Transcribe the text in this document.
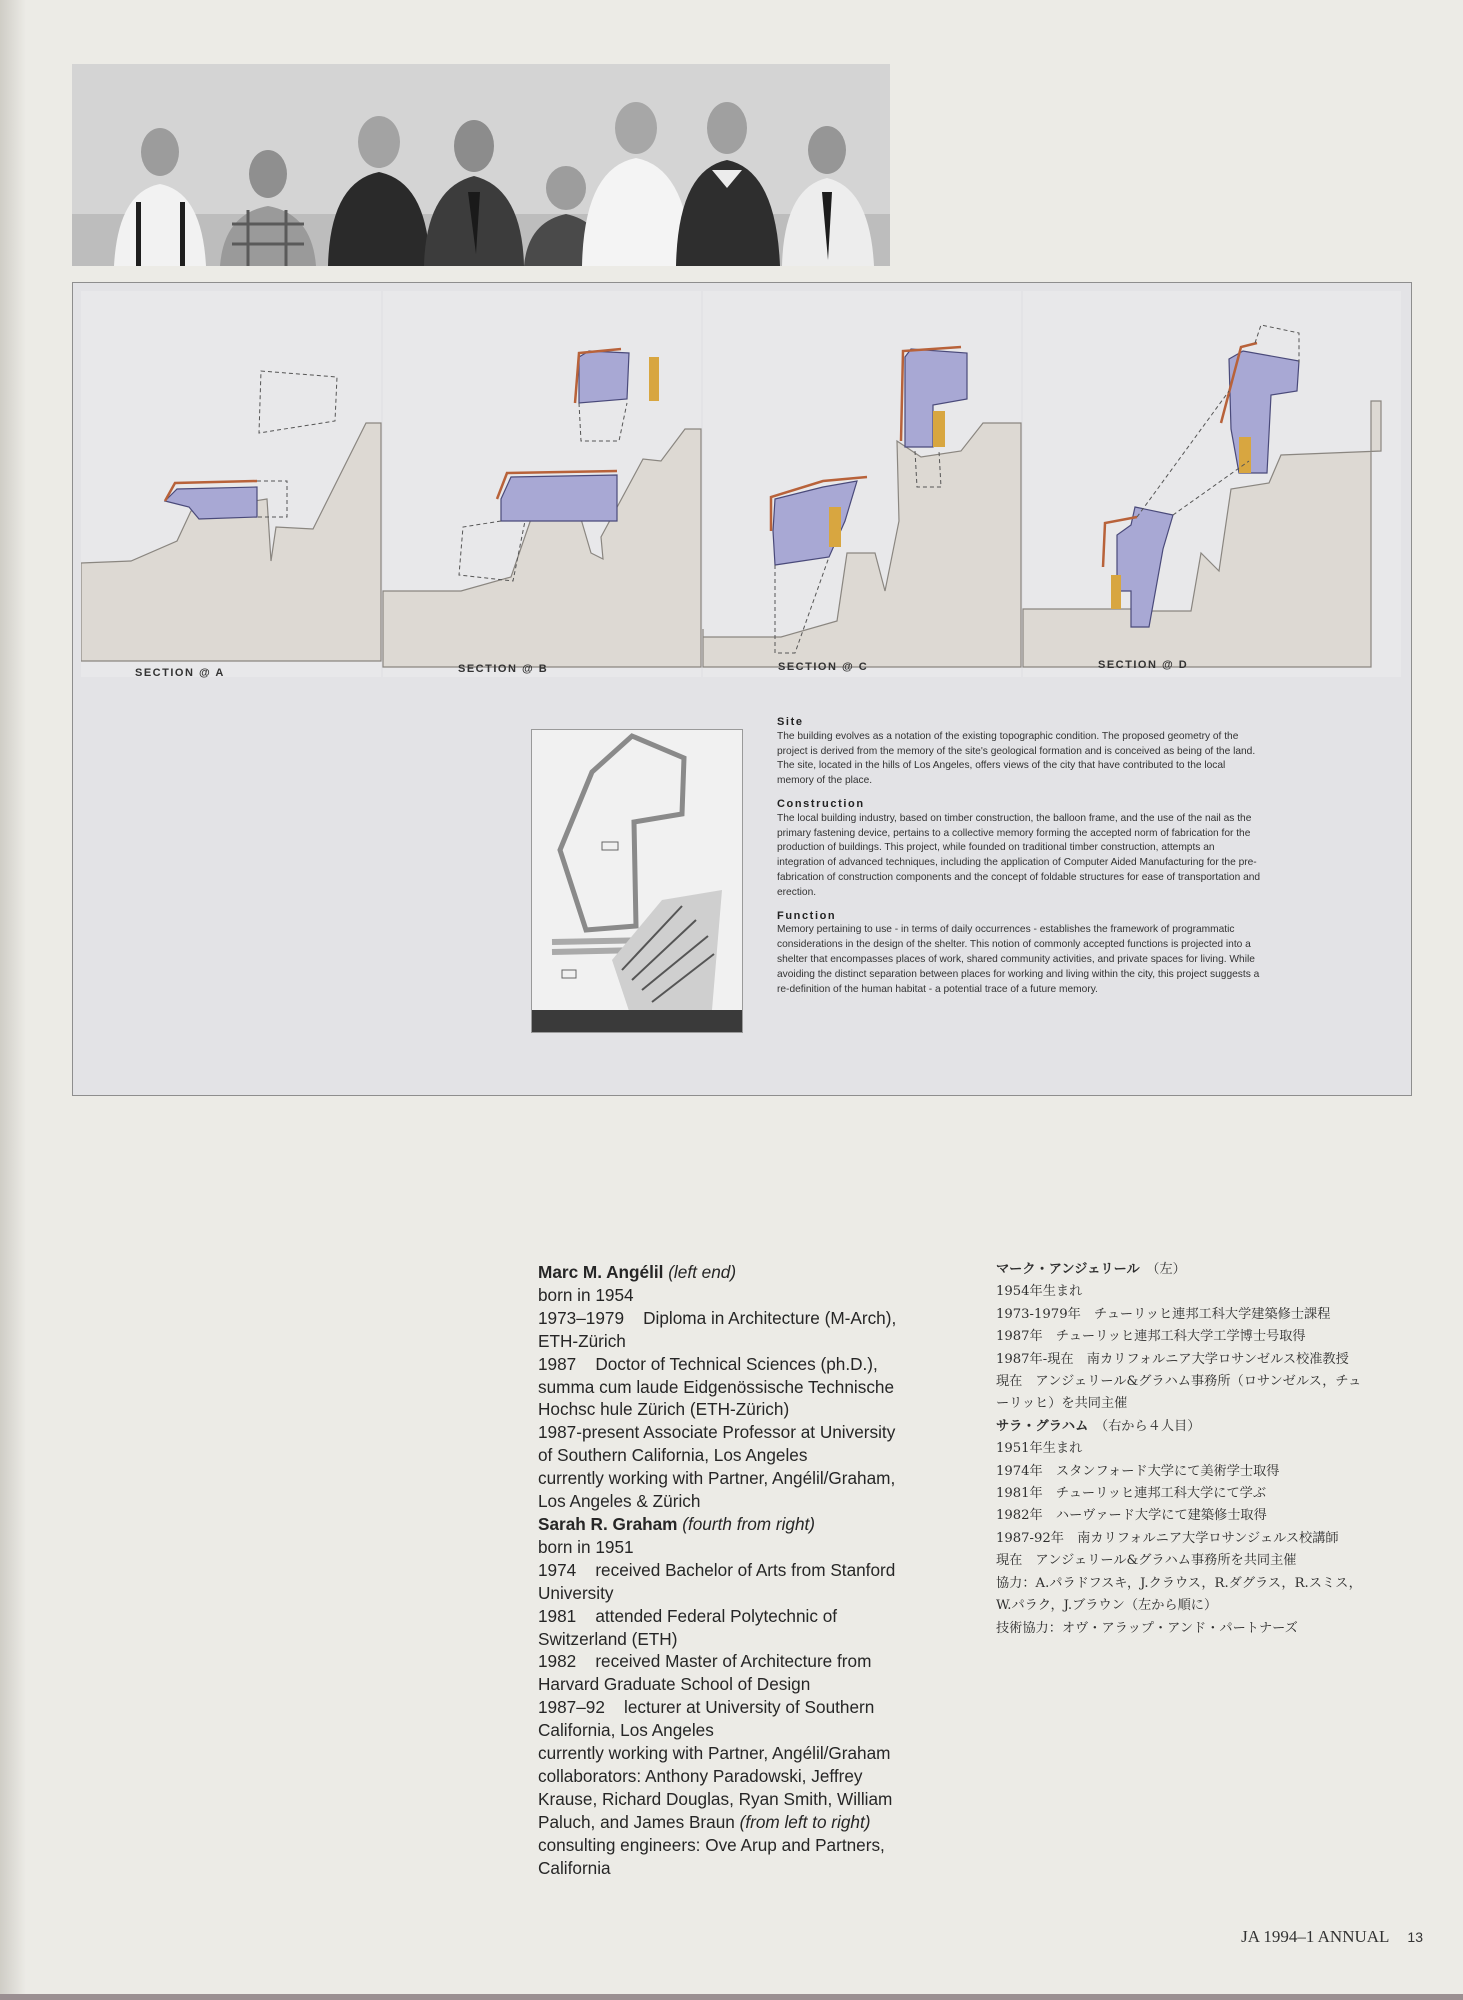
SECTION @ A	SECTION @ B	SECTION @ C	SECTION @ D
Site

The building evolves as a notation of the existing topographic condition. The proposed geometry of the project is derived from the memory of the site's geological formation and is conceived as being of the land.
The site, located in the hills of Los Angeles, offers views of the city that have contributed to the local memory of the place.

Construction

The local building industry, based on timber construction, the balloon frame, and the use of the nail as the primary fastening device, pertains to a collective memory forming the accepted norm of fabrication for the production of buildings. This project, while founded on traditional timber construction, attempts an integration of advanced techniques, including the application of Computer Aided Manufacturing for the pre-fabrication of construction components and the concept of foldable structures for ease of transportation and erection.

Function

Memory pertaining to use - in terms of daily occurrences - establishes the framework of programmatic considerations in the design of the shelter. This notion of commonly accepted functions is projected into a shelter that encompasses places of work, shared community activities, and private spaces for living. While avoiding the distinct separation between places for working and living within the city, this project suggests a re-definition of the human habitat - a potential trace of a future memory.

Marc M. Angélil (left end)
born in 1954
1973–1979    Diploma in Architecture (M-Arch),
ETH-Zürich
1987    Doctor of Technical Sciences (ph.D.),
summa cum laude Eidgenössische Technische
Hochsc hule Zürich (ETH-Zürich)
1987-present Associate Professor at University
of Southern California, Los Angeles
currently working with Partner, Angélil/Graham,
Los Angeles & Zürich
Sarah R. Graham (fourth from right)
born in 1951
1974    received Bachelor of Arts from Stanford
University
1981    attended Federal Polytechnic of
Switzerland (ETH)
1982    received Master of Architecture from
Harvard Graduate School of Design
1987–92    lecturer at University of Southern
California, Los Angeles
currently working with Partner, Angélil/Graham
collaborators: Anthony Paradowski, Jeffrey
Krause, Richard Douglas, Ryan Smith, William
Paluch, and James Braun (from left to right)
consulting engineers: Ove Arup and Partners,
California
マーク・アンジェリール　（左）
1954年生まれ
1973-1979年　チューリッヒ連邦工科大学建築修士課程
1987年　チューリッヒ連邦工科大学工学博士号取得
1987年-現在　南カリフォルニア大学ロサンゼルス校准教授
現在　アンジェリール&グラハム事務所（ロサンゼルス，チュ
ーリッヒ）を共同主催
サラ・グラハム　（右から４人目）
1951年生まれ
1974年　スタンフォード大学にて美術学士取得
1981年　チューリッヒ連邦工科大学にて学ぶ
1982年　ハーヴァード大学にて建築修士取得
1987-92年　南カリフォルニア大学ロサンジェルス校講師
現在　アンジェリール&グラハム事務所を共同主催
協力：A.パラドフスキ，J.クラウス，R.ダグラス，R.スミス，
W.パラク，J.ブラウン（左から順に）
技術協力：オヴ・アラップ・アンド・パートナーズ
JA 1994–1 ANNUAL 13
